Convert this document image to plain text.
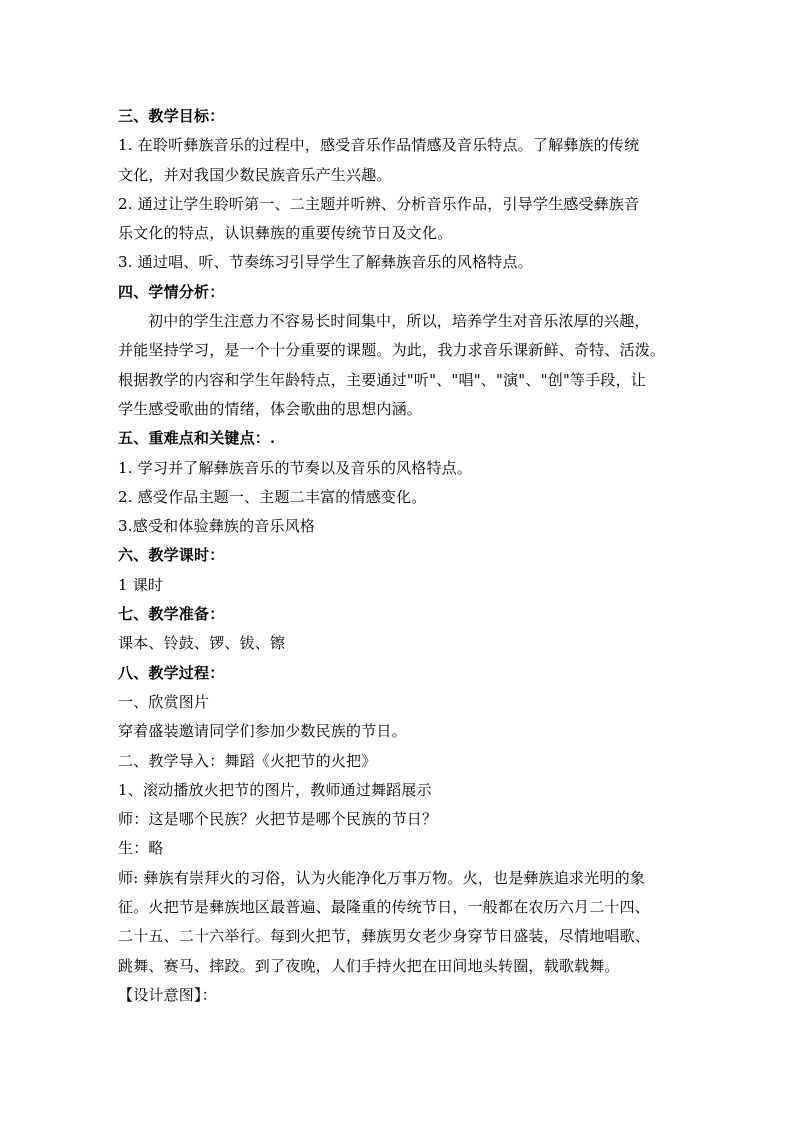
三、教学目标：
1. 在聆听彝族音乐的过程中，感受音乐作品情感及音乐特点。了解彝族的传统
文化，并对我国少数民族音乐产生兴趣。
2. 通过让学生聆听第一、二主题并听辨、分析音乐作品，引导学生感受彝族音
乐文化的特点，认识彝族的重要传统节日及文化。
3. 通过唱、听、节奏练习引导学生了解彝族音乐的风格特点。
四、学情分析：
初中的学生注意力不容易长时间集中，所以，培养学生对音乐浓厚的兴趣，
并能坚持学习，是一个十分重要的课题。为此，我力求音乐课新鲜、奇特、活泼。
根据教学的内容和学生年龄特点，主要通过"听"、"唱"、"演"、"创"等手段，让
学生感受歌曲的情绪，体会歌曲的思想内涵。
五、重难点和关键点：.
1. 学习并了解彝族音乐的节奏以及音乐的风格特点。
2. 感受作品主题一、主题二丰富的情感变化。
3.感受和体验彝族的音乐风格
六、教学课时：
1 课时
七、教学准备：
课本、铃鼓、锣、钹、镲
八、教学过程：
一、欣赏图片
穿着盛装邀请同学们参加少数民族的节日。
二、教学导入：舞蹈《火把节的火把》
1、滚动播放火把节的图片，教师通过舞蹈展示
师：这是哪个民族？火把节是哪个民族的节日？
生：略
师: 彝族有崇拜火的习俗，认为火能净化万事万物。火，也是彝族追求光明的象
征。火把节是彝族地区最普遍、最隆重的传统节日，一般都在农历六月二十四、
二十五、二十六举行。每到火把节，彝族男女老少身穿节日盛装，尽情地唱歌、
跳舞、赛马、摔跤。到了夜晚，人们手持火把在田间地头转圈，载歌载舞。
【设计意图】：
